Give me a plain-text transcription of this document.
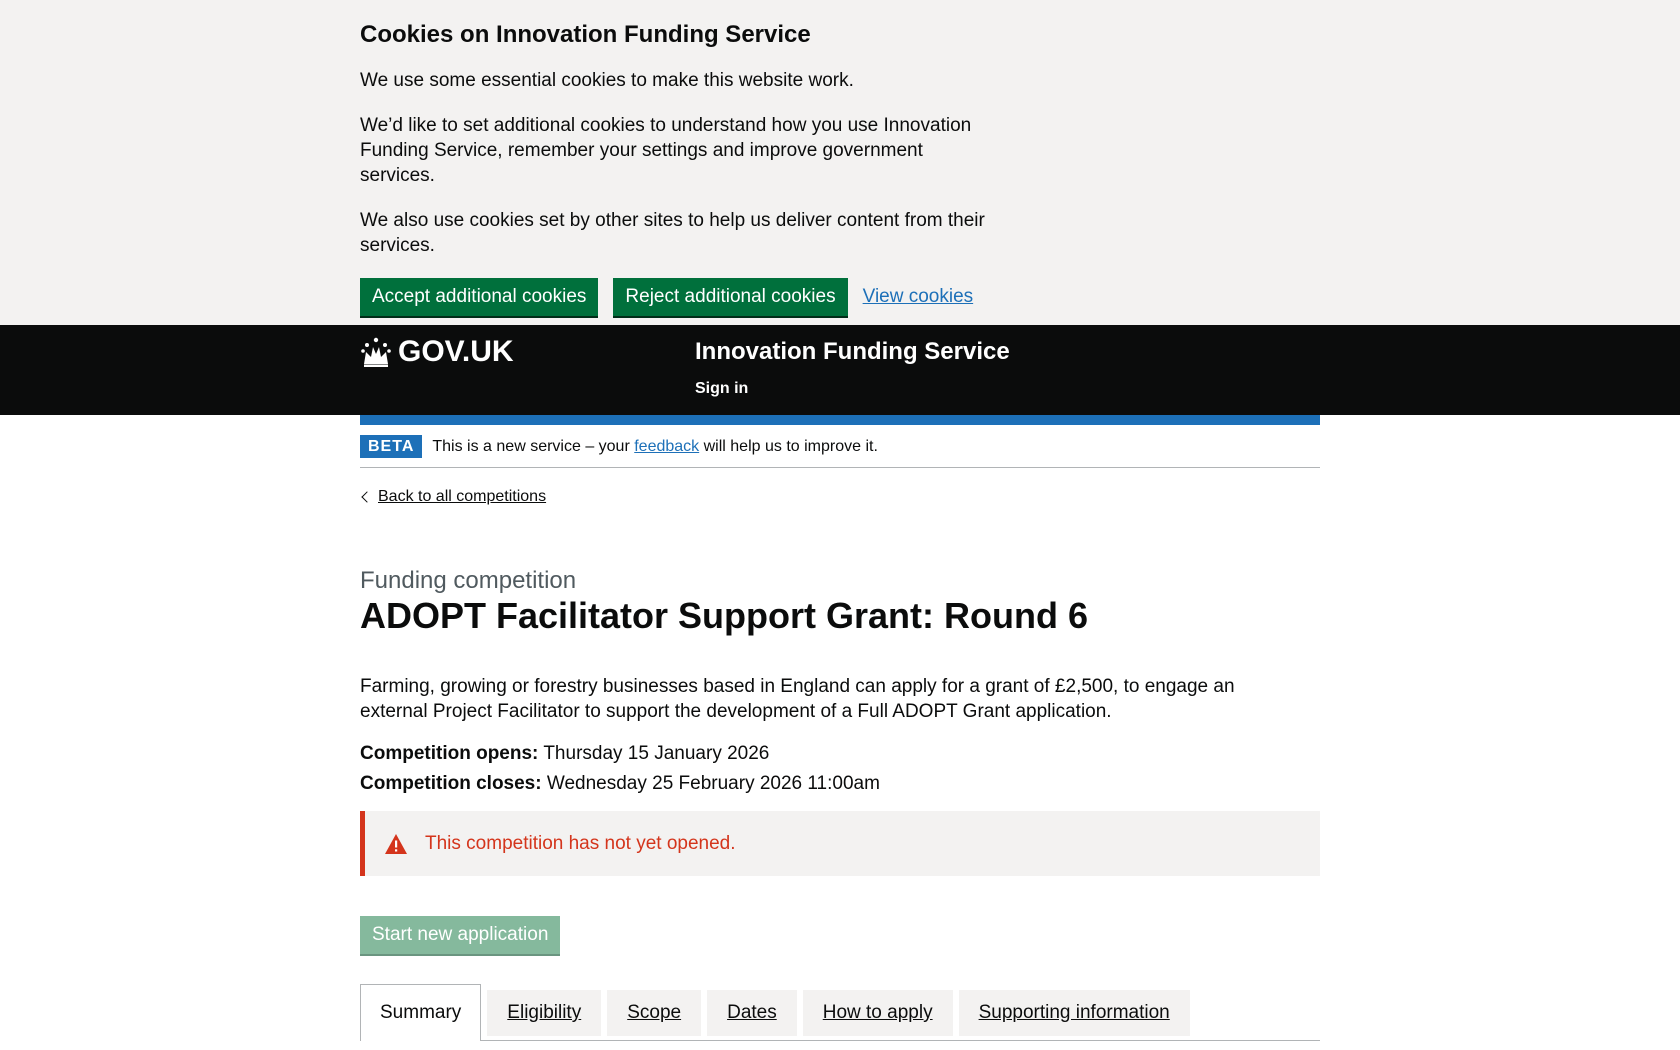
Cookies on Innovation Funding Service

We use some essential cookies to make this website work.

We’d like to set additional cookies to understand how you use Innovation Funding Service, remember your settings and improve government services.

We also use cookies set by other sites to help us deliver content from their services.

Accept additional cookies	Reject additional cookies	View cookies
GOV.UK	Innovation Funding Service
Sign in
BETA	This is a new service – your feedback will help us to improve it.
Back to all competitions
Funding competition
ADOPT Facilitator Support Grant: Round 6

Farming, growing or forestry businesses based in England can apply for a grant of £2,500, to engage an external Project Facilitator to support the development of a Full ADOPT Grant application.

Competition opens: Thursday 15 January 2026

Competition closes: Wednesday 25 February 2026 11:00am

This competition has not yet opened.
Start new application
Summary	Eligibility	Scope	Dates	How to apply	Supporting information
